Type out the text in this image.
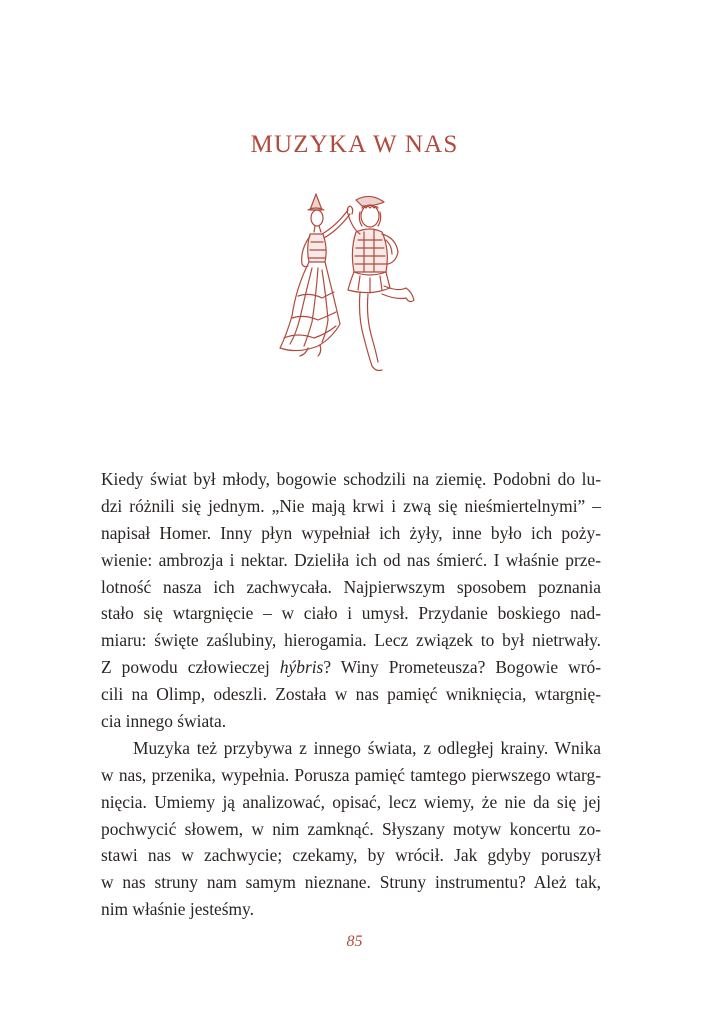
MUZYKA W NAS
Kiedy świat był młody, bogowie schodzili na ziemię. Podobni do lu-
dzi różnili się jednym. „Nie mają krwi i zwą się nieśmiertelnymi” –
napisał Homer. Inny płyn wypełniał ich żyły, inne było ich poży-
wienie: ambrozja i nektar. Dzieliła ich od nas śmierć. I właśnie prze-
lotność nasza ich zachwycała. Najpierwszym sposobem poznania
stało się wtargnięcie – w ciało i umysł. Przydanie boskiego nad-
miaru: święte zaślubiny, hierogamia. Lecz związek to był nietrwały.
Z powodu człowieczej hýbris? Winy Prometeusza? Bogowie wró-
cili na Olimp, odeszli. Została w nas pamięć wniknięcia, wtargnię-
cia innego świata.
Muzyka też przybywa z innego świata, z odległej krainy. Wnika
w nas, przenika, wypełnia. Porusza pamięć tamtego pierwszego wtarg-
nięcia. Umiemy ją analizować, opisać, lecz wiemy, że nie da się jej
pochwycić słowem, w nim zamknąć. Słyszany motyw koncertu zo-
stawi nas w zachwycie; czekamy, by wrócił. Jak gdyby poruszył
w nas struny nam samym nieznane. Struny instrumentu? Ależ tak,
nim właśnie jesteśmy.
85
